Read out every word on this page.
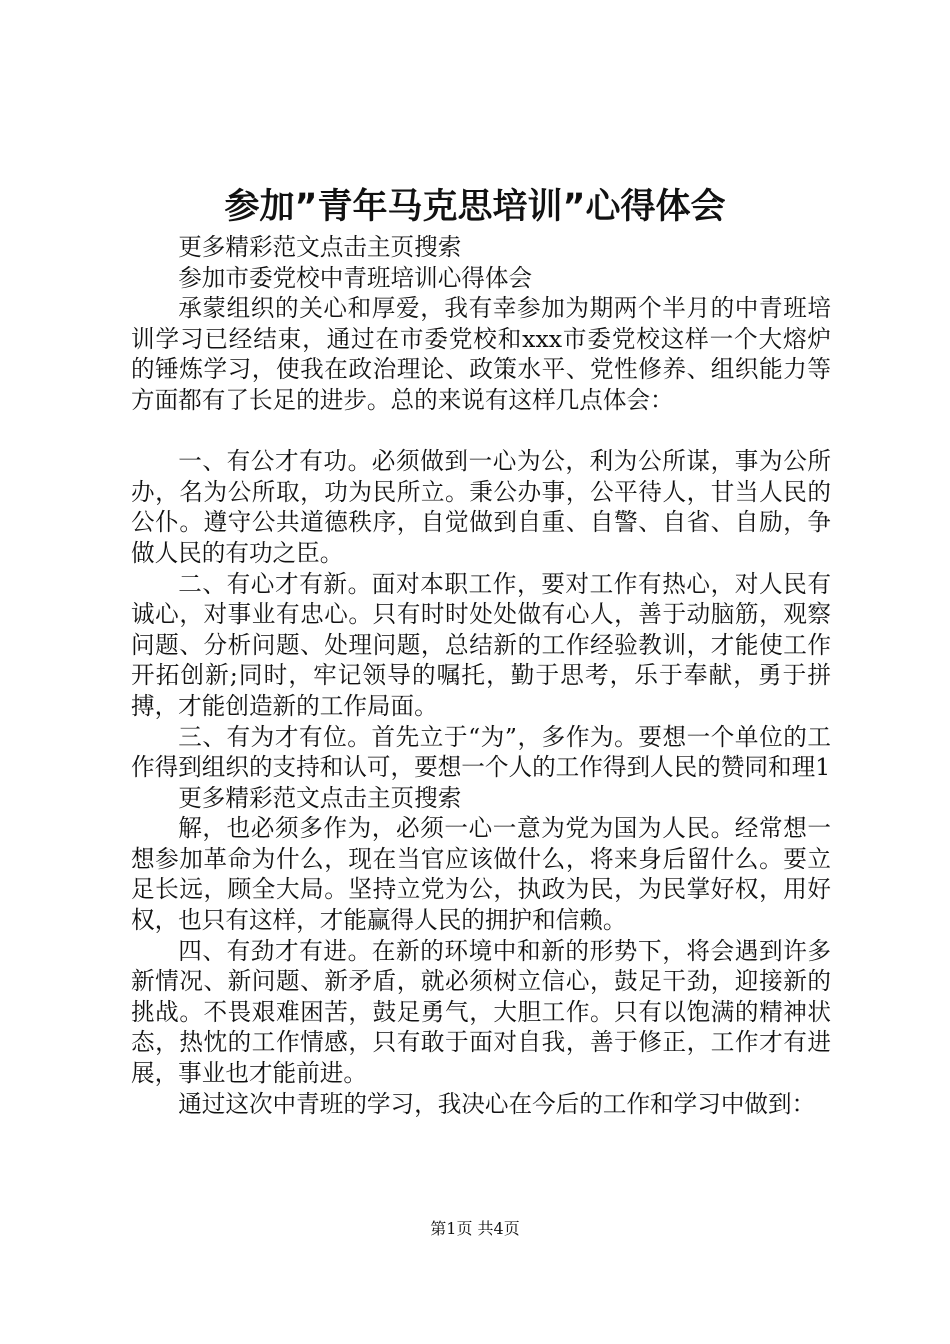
参加”青年马克思培训”心得体会

更多精彩范文点击主页搜索

参加市委党校中青班培训心得体会

承蒙组织的关心和厚爱，我有幸参加为期两个半月的中青班培训学习已经结束，通过在市委党校和xxx市委党校这样一个大熔炉的锤炼学习，使我在政治理论、政策水平、党性修养、组织能力等方面都有了长足的进步。总的来说有这样几点体会：

一、有公才有功。必须做到一心为公，利为公所谋，事为公所办，名为公所取，功为民所立。秉公办事，公平待人，甘当人民的公仆。遵守公共道德秩序，自觉做到自重、自警、自省、自励，争做人民的有功之臣。

二、有心才有新。面对本职工作，要对工作有热心，对人民有诚心，对事业有忠心。只有时时处处做有心人，善于动脑筋，观察问题、分析问题、处理问题，总结新的工作经验教训，才能使工作开拓创新;同时，牢记领导的嘱托，勤于思考，乐于奉献，勇于拼搏，才能创造新的工作局面。

三、有为才有位。首先立于“为”，多作为。要想一个单位的工作得到组织的支持和认可，要想一个人的工作得到人民的赞同和理1

更多精彩范文点击主页搜索

解，也必须多作为，必须一心一意为党为国为人民。经常想一想参加革命为什么，现在当官应该做什么，将来身后留什么。要立足长远，顾全大局。坚持立党为公，执政为民，为民掌好权，用好权，也只有这样，才能赢得人民的拥护和信赖。

四、有劲才有进。在新的环境中和新的形势下，将会遇到许多新情况、新问题、新矛盾，就必须树立信心，鼓足干劲，迎接新的挑战。不畏艰难困苦，鼓足勇气，大胆工作。只有以饱满的精神状态，热忱的工作情感，只有敢于面对自我，善于修正，工作才有进展，事业也才能前进。

通过这次中青班的学习，我决心在今后的工作和学习中做到：

第1页 共4页
